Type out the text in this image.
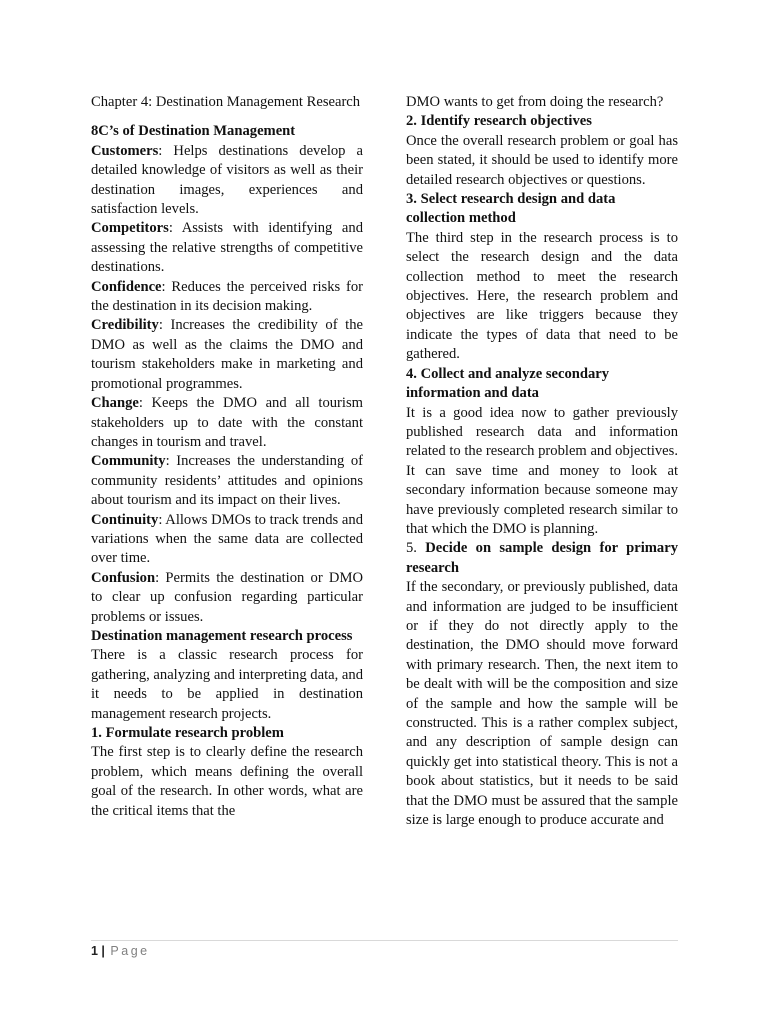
Chapter 4: Destination Management Research

8C’s of Destination Management

Customers: Helps destinations develop a detailed knowledge of visitors as well as their destination images, experiences and satisfaction levels.

Competitors: Assists with identifying and assessing the relative strengths of competitive destinations.

Confidence: Reduces the perceived risks for the destination in its decision making.

Credibility: Increases the credibility of the DMO as well as the claims the DMO and tourism stakeholders make in marketing and promotional programmes.

Change: Keeps the DMO and all tourism stakeholders up to date with the constant changes in tourism and travel.

Community: Increases the understanding of community residents’ attitudes and opinions about tourism and its impact on their lives.

Continuity: Allows DMOs to track trends and variations when the same data are collected over time.

Confusion: Permits the destination or DMO to clear up confusion regarding particular problems or issues.

Destination management research process

There is a classic research process for gathering, analyzing and interpreting data, and it needs to be applied in destination management research projects.

1. Formulate research problem

The first step is to clearly define the research problem, which means defining the overall goal of the research. In other words, what are the critical items that the

DMO wants to get from doing the research?

2. Identify research objectives

Once the overall research problem or goal has been stated, it should be used to identify more detailed research objectives or questions.

3. Select research design and data collection method

The third step in the research process is to select the research design and the data collection method to meet the research objectives. Here, the research problem and objectives are like triggers because they indicate the types of data that need to be gathered.

4. Collect and analyze secondary information and data

It is a good idea now to gather previously published research data and information related to the research problem and objectives. It can save time and money to look at secondary information because someone may have previously completed research similar to that which the DMO is planning.

5. Decide on sample design for primary research

If the secondary, or previously published, data and information are judged to be insufficient or if they do not directly apply to the destination, the DMO should move forward with primary research. Then, the next item to be dealt with will be the composition and size of the sample and how the sample will be constructed. This is a rather complex subject, and any description of sample design can quickly get into statistical theory. This is not a book about statistics, but it needs to be said that the DMO must be assured that the sample size is large enough to produce accurate and

1 | Page
